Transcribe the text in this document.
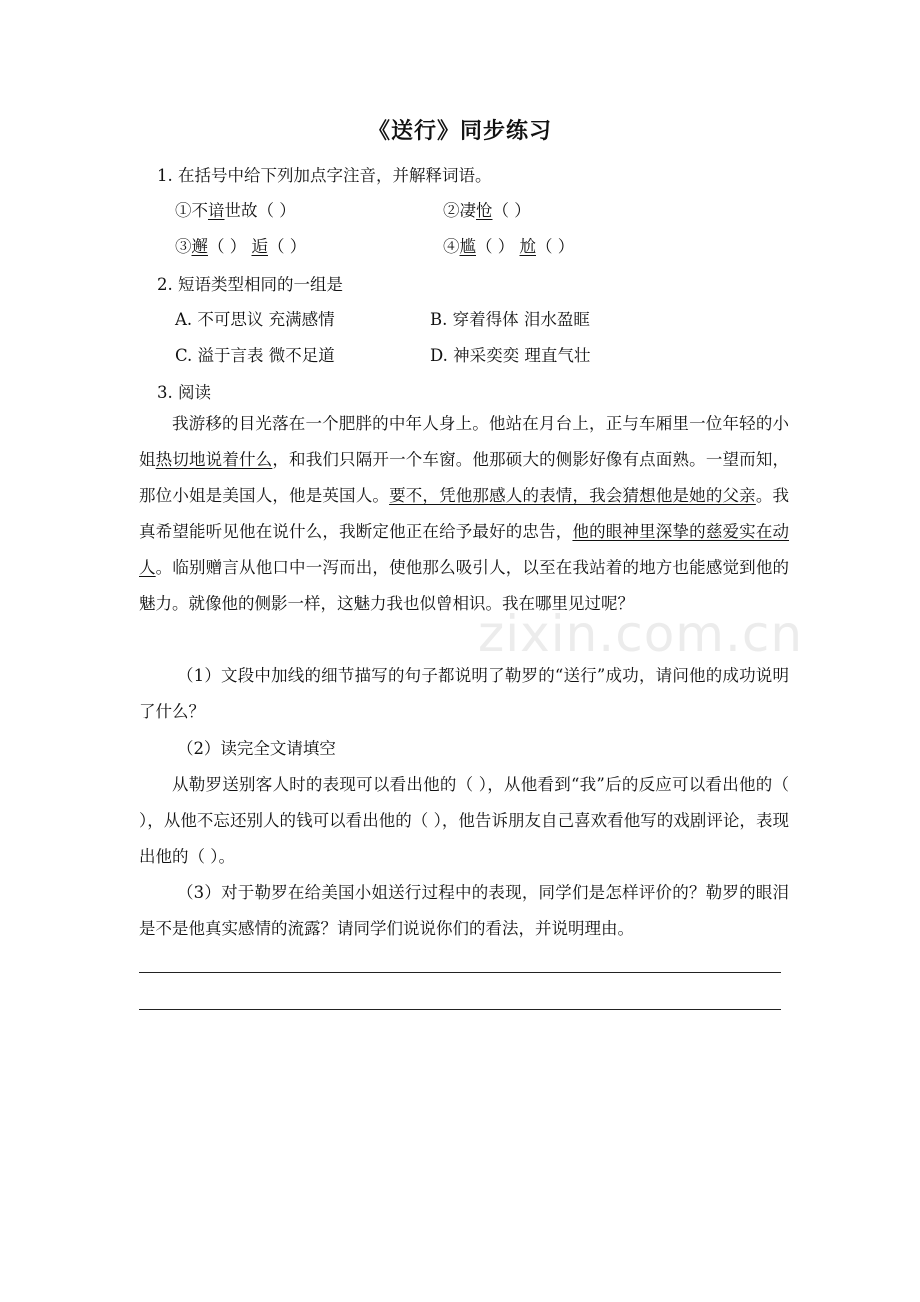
《送行》同步练习
1. 在括号中给下列加点字注音，并解释词语。
①不谙世故（ ）	②凄怆（ ）
③邂（ ） 逅（ ）	④尴（ ） 尬（ ）
2. 短语类型相同的一组是
A. 不可思议 充满感情	B. 穿着得体 泪水盈眶
C. 溢于言表 微不足道	D. 神采奕奕 理直气壮
3. 阅读
zixin.com.cn
我游移的目光落在一个肥胖的中年人身上。他站在月台上，正与车厢里一位年轻的小姐热切地说着什么，和我们只隔开一个车窗。他那硕大的侧影好像有点面熟。一望而知，那位小姐是美国人，他是英国人。要不，凭他那感人的表情，我会猜想他是她的父亲。我真希望能听见他在说什么，我断定他正在给予最好的忠告，他的眼神里深挚的慈爱实在动人。临别赠言从他口中一泻而出，使他那么吸引人，以至在我站着的地方也能感觉到他的魅力。就像他的侧影一样，这魅力我也似曾相识。我在哪里见过呢？
（1）文段中加线的细节描写的句子都说明了勒罗的“送行”成功，请问他的成功说明了什么？
（2）读完全文请填空
从勒罗送别客人时的表现可以看出他的（ ），从他看到“我”后的反应可以看出他的（ ），从他不忘还别人的钱可以看出他的（ ），他告诉朋友自己喜欢看他写的戏剧评论，表现出他的（ ）。
（3）对于勒罗在给美国小姐送行过程中的表现，同学们是怎样评价的？勒罗的眼泪是不是他真实感情的流露？请同学们说说你们的看法，并说明理由。
